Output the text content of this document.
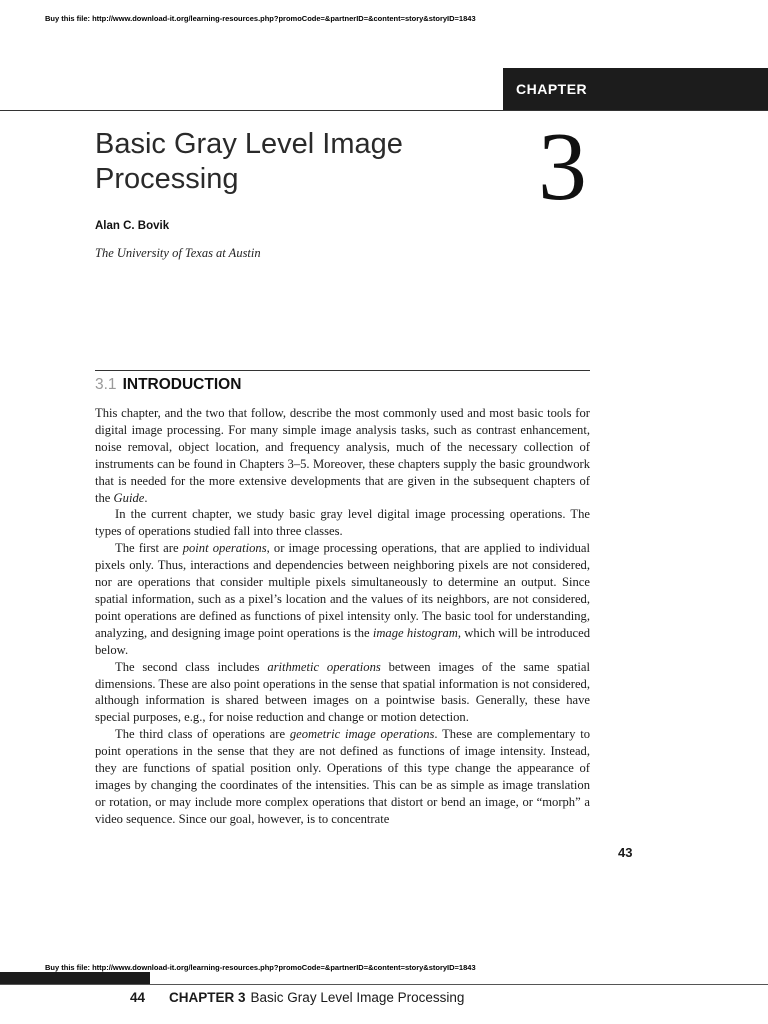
Buy this file: http://www.download-it.org/learning-resources.php?promoCode=&partnerID=&content=story&storyID=1843
CHAPTER
Basic Gray Level Image Processing	3
Alan C. Bovik
The University of Texas at Austin
3.1 INTRODUCTION

This chapter, and the two that follow, describe the most commonly used and most basic tools for digital image processing. For many simple image analysis tasks, such as contrast enhancement, noise removal, object location, and frequency analysis, much of the necessary collection of instruments can be found in Chapters 3–5. Moreover, these chapters supply the basic groundwork that is needed for the more extensive developments that are given in the subsequent chapters of the Guide.

In the current chapter, we study basic gray level digital image processing operations. The types of operations studied fall into three classes.

The first are point operations, or image processing operations, that are applied to individual pixels only. Thus, interactions and dependencies between neighboring pixels are not considered, nor are operations that consider multiple pixels simultaneously to determine an output. Since spatial information, such as a pixel’s location and the values of its neighbors, are not considered, point operations are defined as functions of pixel intensity only. The basic tool for understanding, analyzing, and designing image point operations is the image histogram, which will be introduced below.

The second class includes arithmetic operations between images of the same spatial dimensions. These are also point operations in the sense that spatial information is not considered, although information is shared between images on a pointwise basis. Generally, these have special purposes, e.g., for noise reduction and change or motion detection.

The third class of operations are geometric image operations. These are complementary to point operations in the sense that they are not defined as functions of image intensity. Instead, they are functions of spatial position only. Operations of this type change the appearance of images by changing the coordinates of the intensities. This can be as simple as image translation or rotation, or may include more complex operations that distort or bend an image, or “morph” a video sequence. Since our goal, however, is to concentrate

43
Buy this file: http://www.download-it.org/learning-resources.php?promoCode=&partnerID=&content=story&storyID=1843
44 CHAPTER 3 Basic Gray Level Image Processing
